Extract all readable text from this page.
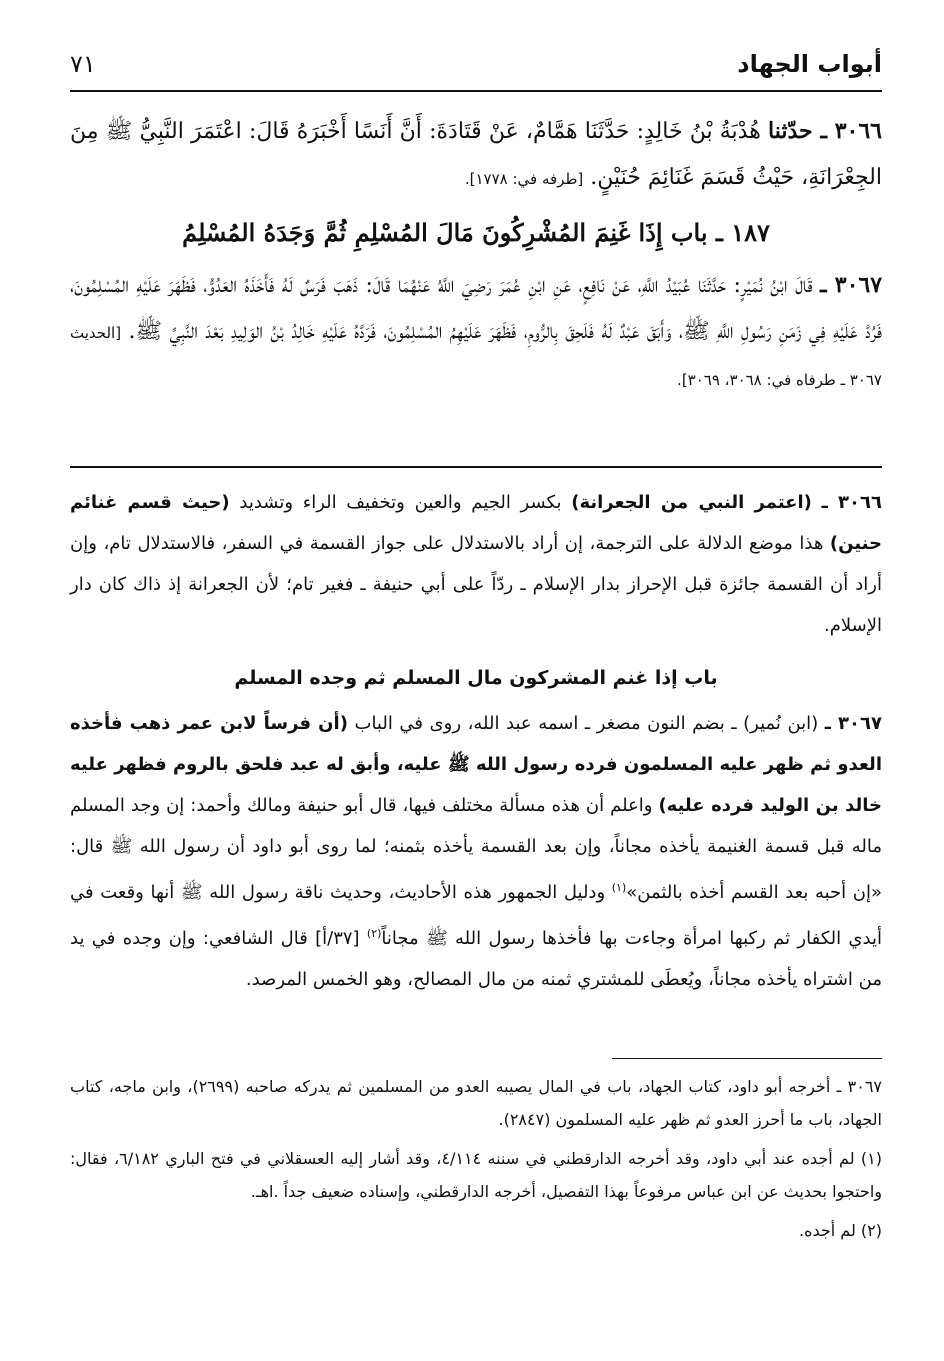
أبواب الجهاد
٧١

٣٠٦٦ ـ حدّثنا هُدْبَةُ بْنُ خَالِدٍ: حَدَّثَنَا هَمَّامٌ، عَنْ قَتَادَةَ: أَنَّ أَنَسًا أَخْبَرَهُ قَالَ: اعْتَمَرَ النَّبِيُّ ﷺ مِنَ الجِعْرَانَةِ، حَيْثُ قَسَمَ غَنَائِمَ حُنَيْنٍ. [طرفه في: ١٧٧٨].

١٨٧ ـ باب إِذَا غَنِمَ المُشْرِكُونَ مَالَ المُسْلِمِ ثُمَّ وَجَدَهُ المُسْلِمُ

٣٠٦٧ ـ قَالَ ابْنُ نُمَيْرٍ: حَدَّثَنَا عُبَيْدُ اللَّهِ، عَنْ نَافِعٍ، عَنِ ابْنِ عُمَرَ رَضِيَ اللَّهُ عَنْهُمَا قَالَ: ذَهَبَ فَرَسٌ لَهُ فَأَخَذَهُ العَدُوُّ، فَظَهَرَ عَلَيْهِ المُسْلِمُونَ، فَرُدَّ عَلَيْهِ فِي زَمَنِ رَسُولِ اللَّهِ ﷺ، وَأَبَقَ عَبْدٌ لَهُ فَلَحِقَ بِالرُّومِ، فَظَهَرَ عَلَيْهِمُ المُسْلِمُونَ، فَرَدَّهُ عَلَيْهِ خَالِدُ بْنُ الوَلِيدِ بَعْدَ النَّبِيِّ ﷺ. [الحديث ٣٠٦٧ ـ طرفاه في: ٣٠٦٨، ٣٠٦٩].

٣٠٦٦ ـ (اعتمر النبي من الجعرانة) بكسر الجيم والعين وتخفيف الراء وتشديد (حيث قسم غنائم حنين) هذا موضع الدلالة على الترجمة، إن أراد بالاستدلال على جواز القسمة في السفر، فالاستدلال تام، وإن أراد أن القسمة جائزة قبل الإحراز بدار الإسلام ـ ردّاً على أبي حنيفة ـ فغير تام؛ لأن الجعرانة إذ ذاك كان دار الإسلام.

باب إذا غنم المشركون مال المسلم ثم وجده المسلم

٣٠٦٧ ـ (ابن نُمير) ـ بضم النون مصغر ـ اسمه عبد الله، روى في الباب (أن فرساً لابن عمر ذهب فأخذه العدو ثم ظهر عليه المسلمون فرده رسول الله ﷺ عليه، وأبق له عبد فلحق بالروم فظهر عليه خالد بن الوليد فرده عليه) واعلم أن هذه مسألة مختلف فيها، قال أبو حنيفة ومالك وأحمد: إن وجد المسلم ماله قبل قسمة الغنيمة يأخذه مجاناً، وإن بعد القسمة يأخذه بثمنه؛ لما روى أبو داود أن رسول الله ﷺ قال: «إن أحبه بعد القسم أخذه بالثمن»$^{(١)}$ ودليل الجمهور هذه الأحاديث، وحديث ناقة رسول الله ﷺ أنها وقعت في أيدي الكفار ثم ركبها امرأة وجاءت بها فأخذها رسول الله ﷺ مجاناً$^{(٢)}$ [٣٧/أ] قال الشافعي: وإن وجده في يد من اشتراه يأخذه مجاناً، ويُعطَى للمشتري ثمنه من مال المصالح، وهو الخمس المرصد.

٣٠٦٧ ـ أخرجه أبو داود، كتاب الجهاد، باب في المال يصيبه العدو من المسلمين ثم يدركه صاحبه (٢٦٩٩)، وابن ماجه، كتاب الجهاد، باب ما أحرز العدو ثم ظهر عليه المسلمون (٢٨٤٧).

(١) لم أجده عند أبي داود، وقد أخرجه الدارقطني في سننه ٤/١١٤، وقد أشار إليه العسقلاني في فتح الباري ٦/١٨٢، فقال: واحتجوا بحديث عن ابن عباس مرفوعاً بهذا التفصيل، أخرجه الدارقطني، وإسناده ضعيف جداً .اهـ.

(٢) لم أجده.
